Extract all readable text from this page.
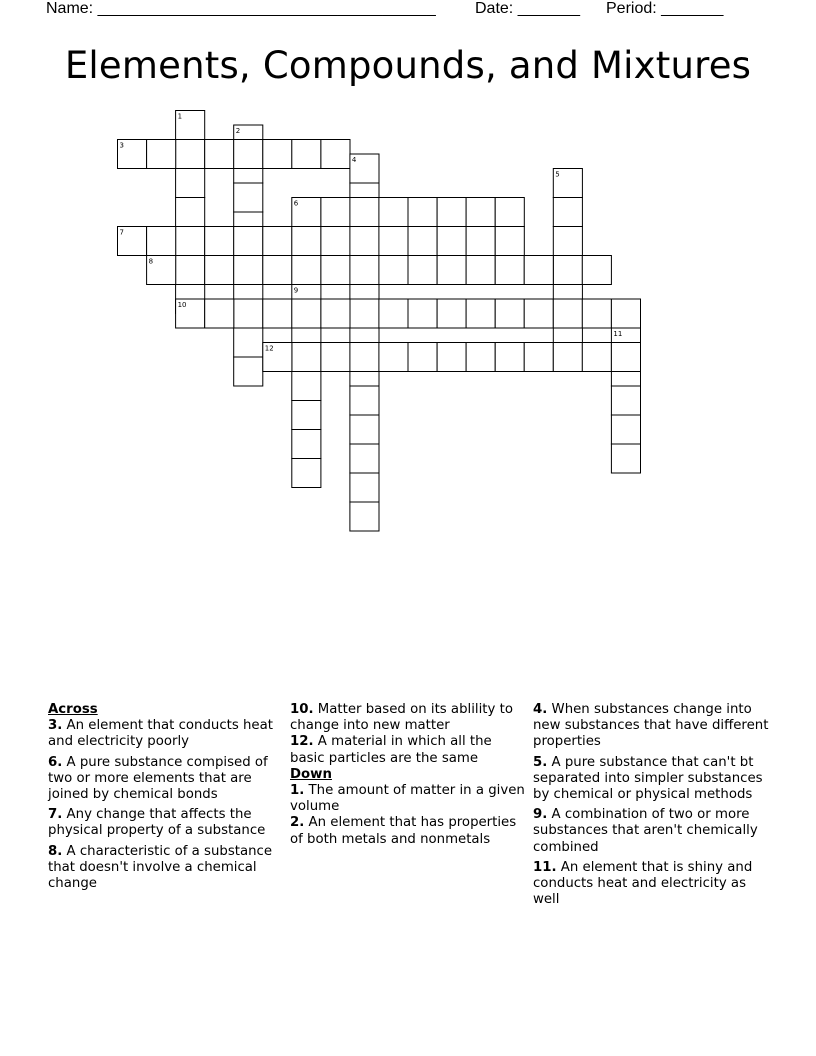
Name: ______________________________________ Date: _______ Period: _______
Elements, Compounds, and Mixtures
1
2
3
4
5
6
7
8
9
10
11
12
Across
3. An element that conducts heat and electricity poorly
6. A pure substance compised of two or more elements that are joined by chemical bonds
7. Any change that affects the physical property of a substance
8. A characteristic of a substance that doesn't involve a chemical change
10. Matter based on its ablility to change into new matter
12. A material in which all the basic particles are the same
Down
1. The amount of matter in a given volume
2. An element that has properties of both metals and nonmetals
4. When substances change into new substances that have different properties
5. A pure substance that can't bt separated into simpler substances by chemical or physical methods
9. A combination of two or more substances that aren't chemically combined
11. An element that is shiny and conducts heat and electricity as well
